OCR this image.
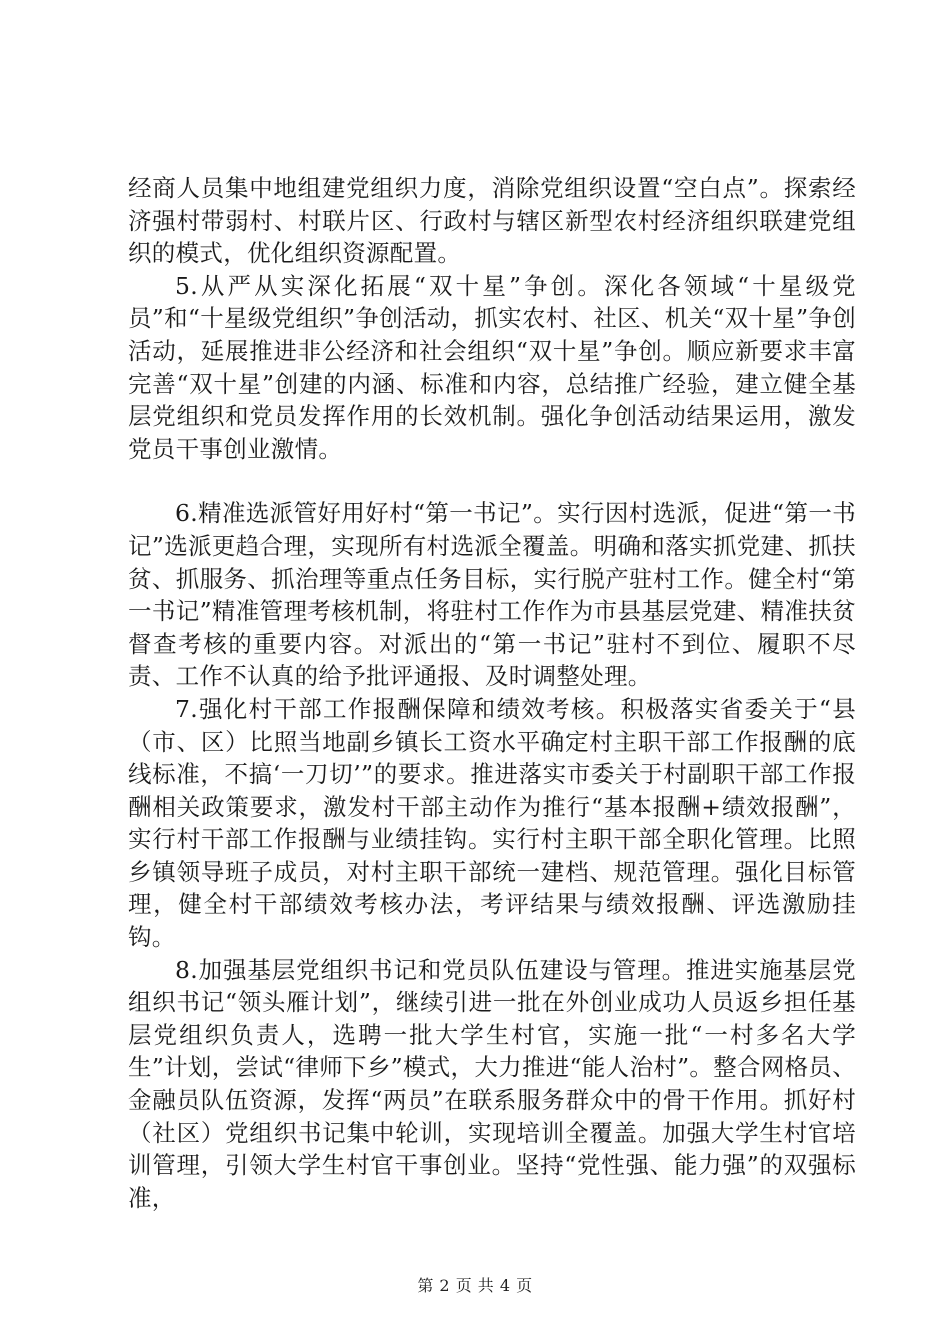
经商人员集中地组建党组织力度，消除党组织设置“空白点”。探索经济强村带弱村、村联片区、行政村与辖区新型农村经济组织联建党组织的模式，优化组织资源配置。

5.从严从实深化拓展“双十星”争创。深化各领域“十星级党员”和“十星级党组织”争创活动，抓实农村、社区、机关“双十星”争创活动，延展推进非公经济和社会组织“双十星”争创。顺应新要求丰富完善“双十星”创建的内涵、标准和内容，总结推广经验，建立健全基层党组织和党员发挥作用的长效机制。强化争创活动结果运用，激发党员干事创业激情。

6.精准选派管好用好村“第一书记”。实行因村选派，促进“第一书记”选派更趋合理，实现所有村选派全覆盖。明确和落实抓党建、抓扶贫、抓服务、抓治理等重点任务目标，实行脱产驻村工作。健全村“第一书记”精准管理考核机制，将驻村工作作为市县基层党建、精准扶贫督查考核的重要内容。对派出的“第一书记”驻村不到位、履职不尽责、工作不认真的给予批评通报、及时调整处理。

7.强化村干部工作报酬保障和绩效考核。积极落实省委关于“县（市、区）比照当地副乡镇长工资水平确定村主职干部工作报酬的底线标准，不搞‘一刀切’”的要求。推进落实市委关于村副职干部工作报酬相关政策要求，激发村干部主动作为推行“基本报酬+绩效报酬”，实行村干部工作报酬与业绩挂钩。实行村主职干部全职化管理。比照乡镇领导班子成员，对村主职干部统一建档、规范管理。强化目标管理，健全村干部绩效考核办法，考评结果与绩效报酬、评选激励挂钩。

8.加强基层党组织书记和党员队伍建设与管理。推进实施基层党组织书记“领头雁计划”，继续引进一批在外创业成功人员返乡担任基层党组织负责人，选聘一批大学生村官，实施一批“一村多名大学生”计划，尝试“律师下乡”模式，大力推进“能人治村”。整合网格员、金融员队伍资源，发挥“两员”在联系服务群众中的骨干作用。抓好村（社区）党组织书记集中轮训，实现培训全覆盖。加强大学生村官培训管理，引领大学生村官干事创业。坚持“党性强、能力强”的双强标准，

第 2 页 共 4 页
